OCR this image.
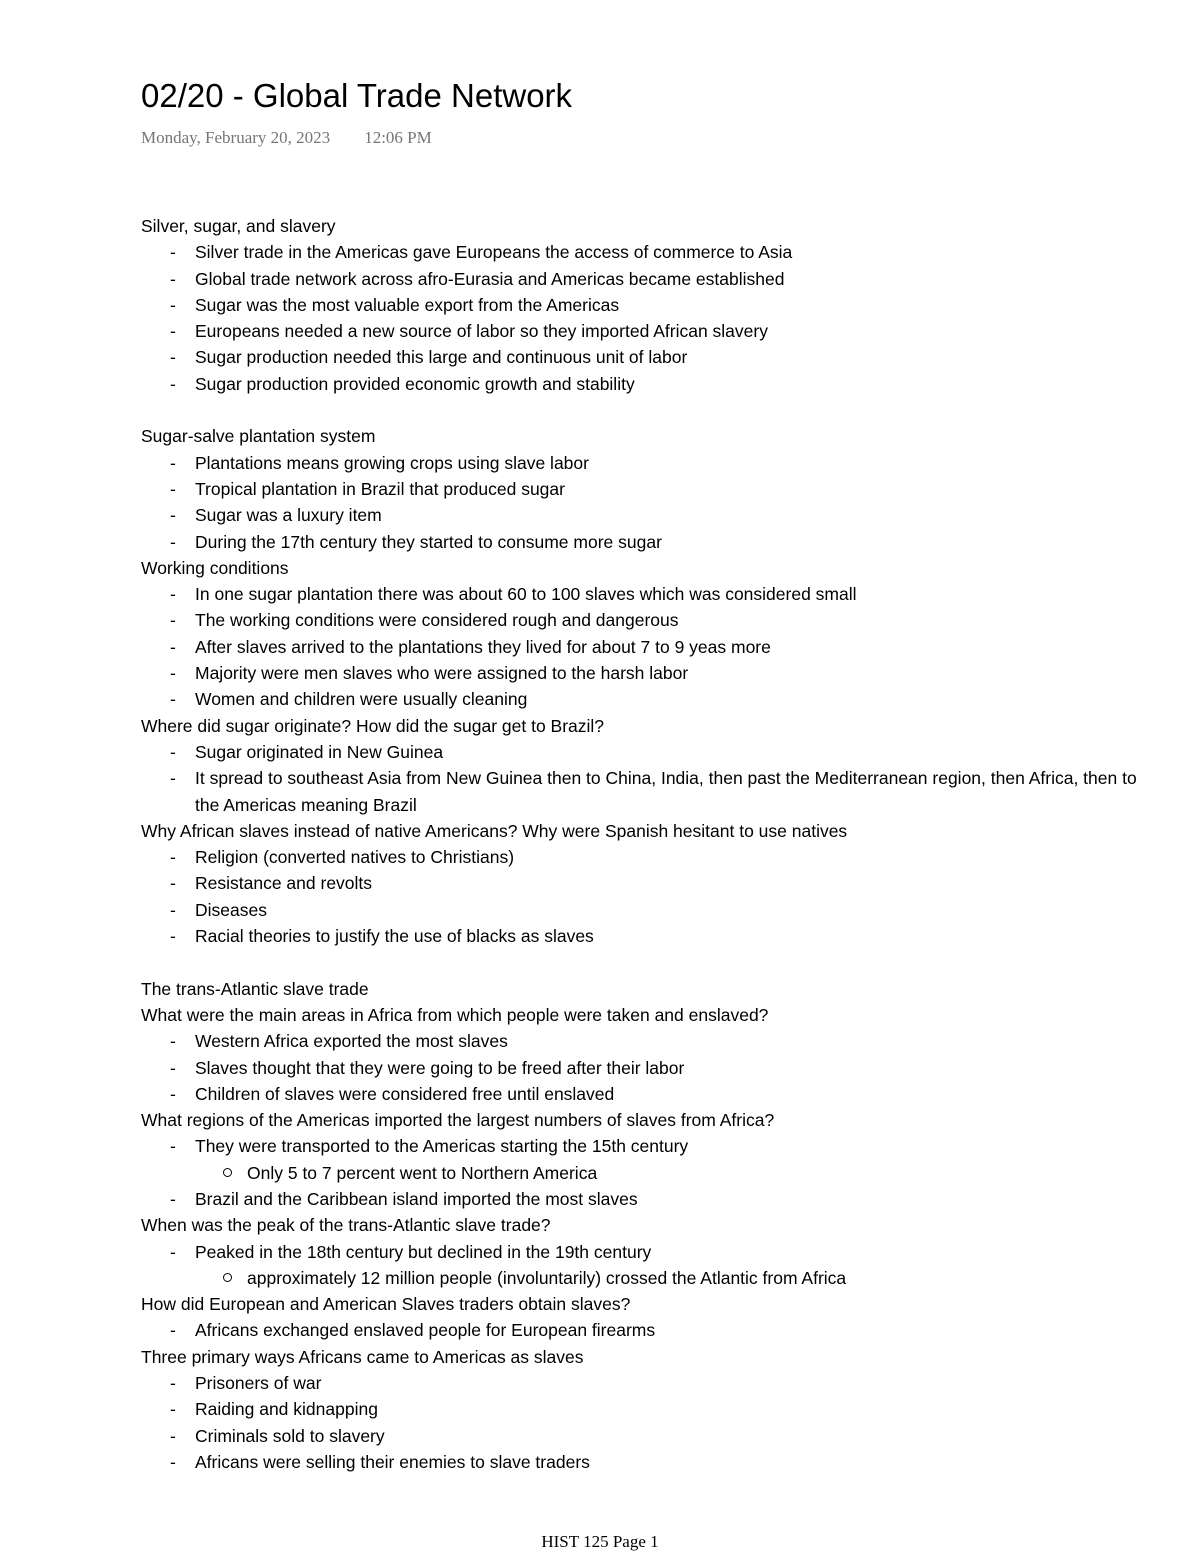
02/20 - Global Trade Network
Monday, February 20, 2023 12:06 PM
Silver, sugar, and slavery
- Silver trade in the Americas gave Europeans the access of commerce to Asia
- Global trade network across afro-Eurasia and Americas became established
- Sugar was the most valuable export from the Americas
- Europeans needed a new source of labor so they imported African slavery
- Sugar production needed this large and continuous unit of labor
- Sugar production provided economic growth and stability
Sugar-salve plantation system
- Plantations means growing crops using slave labor
- Tropical plantation in Brazil that produced sugar
- Sugar was a luxury item
- During the 17th century they started to consume more sugar
Working conditions
- In one sugar plantation there was about 60 to 100 slaves which was considered small
- The working conditions were considered rough and dangerous
- After slaves arrived to the plantations they lived for about 7 to 9 yeas more
- Majority were men slaves who were assigned to the harsh labor
- Women and children were usually cleaning
Where did sugar originate? How did the sugar get to Brazil?
- Sugar originated in New Guinea
- It spread to southeast Asia from New Guinea then to China, India, then past the Mediterranean region, then Africa, then to the Americas meaning Brazil
Why African slaves instead of native Americans? Why were Spanish hesitant to use natives
- Religion (converted natives to Christians)
- Resistance and revolts
- Diseases
- Racial theories to justify the use of blacks as slaves
The trans-Atlantic slave trade
What were the main areas in Africa from which people were taken and enslaved?
- Western Africa exported the most slaves
- Slaves thought that they were going to be freed after their labor
- Children of slaves were considered free until enslaved
What regions of the Americas imported the largest numbers of slaves from Africa?
- They were transported to the Americas starting the 15th century
Only 5 to 7 percent went to Northern America
- Brazil and the Caribbean island imported the most slaves
When was the peak of the trans-Atlantic slave trade?
- Peaked in the 18th century but declined in the 19th century
approximately 12 million people (involuntarily) crossed the Atlantic from Africa
How did European and American Slaves traders obtain slaves?
- Africans exchanged enslaved people for European firearms
Three primary ways Africans came to Americas as slaves
- Prisoners of war
- Raiding and kidnapping
- Criminals sold to slavery
- Africans were selling their enemies to slave traders
HIST 125 Page 1
